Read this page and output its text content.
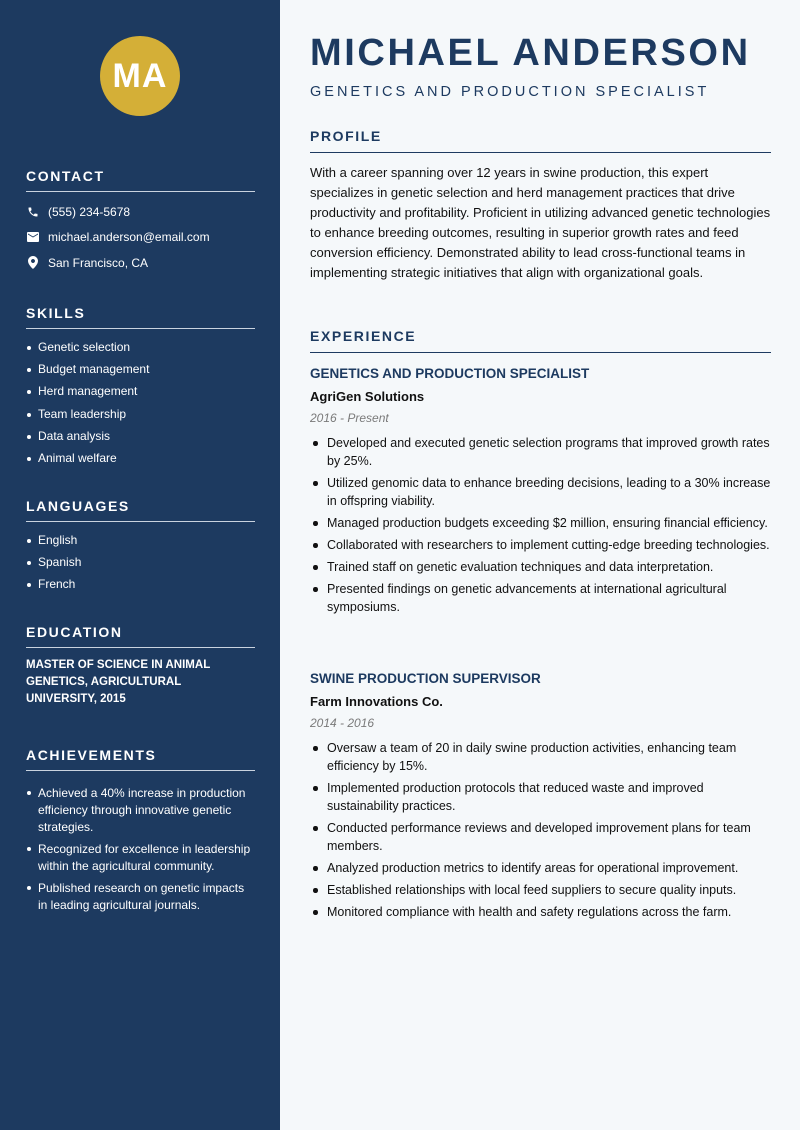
MA
CONTACT
(555) 234-5678
michael.anderson@email.com
San Francisco, CA
SKILLS
Genetic selection
Budget management
Herd management
Team leadership
Data analysis
Animal welfare
LANGUAGES
English
Spanish
French
EDUCATION
MASTER OF SCIENCE IN ANIMAL GENETICS, AGRICULTURAL UNIVERSITY, 2015
ACHIEVEMENTS
Achieved a 40% increase in production efficiency through innovative genetic strategies.
Recognized for excellence in leadership within the agricultural community.
Published research on genetic impacts in leading agricultural journals.
MICHAEL ANDERSON
GENETICS AND PRODUCTION SPECIALIST
PROFILE

With a career spanning over 12 years in swine production, this expert specializes in genetic selection and herd management practices that drive productivity and profitability. Proficient in utilizing advanced genetic technologies to enhance breeding outcomes, resulting in superior growth rates and feed conversion efficiency. Demonstrated ability to lead cross-functional teams in implementing strategic initiatives that align with organizational goals.

EXPERIENCE
GENETICS AND PRODUCTION SPECIALIST
AgriGen Solutions
2016 - Present
Developed and executed genetic selection programs that improved growth rates by 25%.
Utilized genomic data to enhance breeding decisions, leading to a 30% increase in offspring viability.
Managed production budgets exceeding $2 million, ensuring financial efficiency.
Collaborated with researchers to implement cutting-edge breeding technologies.
Trained staff on genetic evaluation techniques and data interpretation.
Presented findings on genetic advancements at international agricultural symposiums.
SWINE PRODUCTION SUPERVISOR
Farm Innovations Co.
2014 - 2016
Oversaw a team of 20 in daily swine production activities, enhancing team efficiency by 15%.
Implemented production protocols that reduced waste and improved sustainability practices.
Conducted performance reviews and developed improvement plans for team members.
Analyzed production metrics to identify areas for operational improvement.
Established relationships with local feed suppliers to secure quality inputs.
Monitored compliance with health and safety regulations across the farm.
